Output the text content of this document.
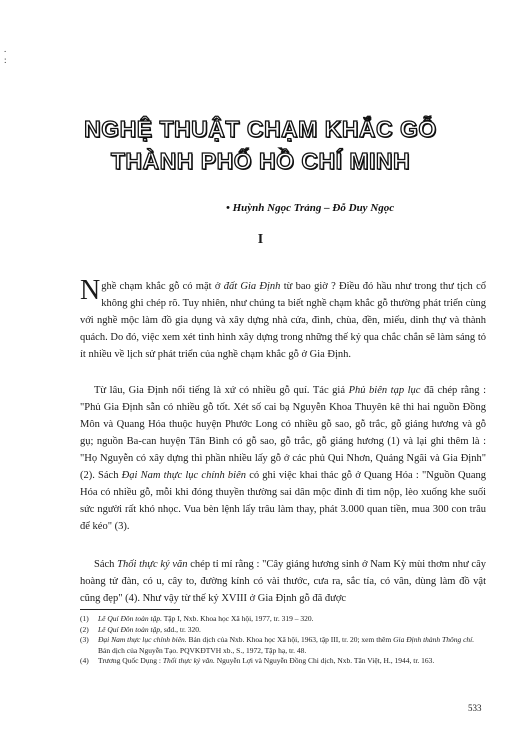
.
:
NGHỆ THUẬT CHẠM KHẮC GỖ
THÀNH PHỐ HỒ CHÍ MINH
• Huỳnh Ngọc Trảng – Đỗ Duy Ngọc
I

Nghề chạm khắc gỗ có mặt ở đất Gia Định từ bao giờ ? Điều đó hầu như trong thư tịch cổ không ghi chép rõ. Tuy nhiên, như chúng ta biết nghề chạm khắc gỗ thường phát triển cùng với nghề mộc làm đồ gia dụng và xây dựng nhà cửa, đình, chùa, đền, miếu, dinh thự và thành quách. Do đó, việc xem xét tình hình xây dựng trong những thế kỷ qua chắc chắn sẽ làm sáng tỏ ít nhiều về lịch sử phát triển của nghề chạm khắc gỗ ở Gia Định.

Từ lâu, Gia Định nổi tiếng là xứ có nhiều gỗ quí. Tác giả Phủ biên tạp lục đã chép rằng : "Phủ Gia Định sẵn có nhiều gỗ tốt. Xét số cai bạ Nguyễn Khoa Thuyên kê thì hai nguồn Đồng Môn và Quang Hóa thuộc huyện Phước Long có nhiều gỗ sao, gỗ trắc, gỗ giáng hương và gỗ gụ; nguồn Ba-can huyện Tân Bình có gỗ sao, gỗ trắc, gỗ giáng hương (1) và lại ghi thêm là : "Họ Nguyễn có xây dựng thì phần nhiều lấy gỗ ở các phủ Qui Nhơn, Quảng Ngãi và Gia Định" (2). Sách Đại Nam thực lục chính biên có ghi việc khai thác gỗ ở Quang Hóa : "Nguồn Quang Hóa có nhiều gỗ, mỗi khi đóng thuyền thường sai dân mộc đinh đi tìm nộp, lèo xuống khe suối sức người rất khó nhọc. Vua bèn lệnh lấy trâu làm thay, phát 3.000 quan tiền, mua 300 con trâu để kéo" (3).

Sách Thối thực ký văn chép tỉ mỉ rằng : "Cây giáng hương sinh ở Nam Kỳ mùi thơm như cây hoàng tử đàn, có u, cây to, đường kính có vài thước, cưa ra, sắc tía, có vân, dùng làm đồ vật cũng đẹp" (4). Như vậy từ thế kỷ XVIII ở Gia Định gỗ đã được

(1) Lê Quí Đôn toàn tập. Tập I, Nxb. Khoa học Xã hội, 1977, tr. 319 – 320.
(2) Lê Quí Đôn toàn tập, sđd., tr. 320.
(3) Đại Nam thực lục chính biên. Bản dịch của Nxb. Khoa học Xã hội, 1963, tập III, tr. 20; xem thêm Gia Định thành Thông chí. Bản dịch của Nguyễn Tạo. PQVKĐTVH xb., S., 1972, Tập hạ, tr. 48.
(4) Trương Quốc Dụng : Thối thực ký văn. Nguyễn Lợi và Nguyễn Đồng Chi dịch, Nxb. Tân Việt, H., 1944, tr. 163.
533
